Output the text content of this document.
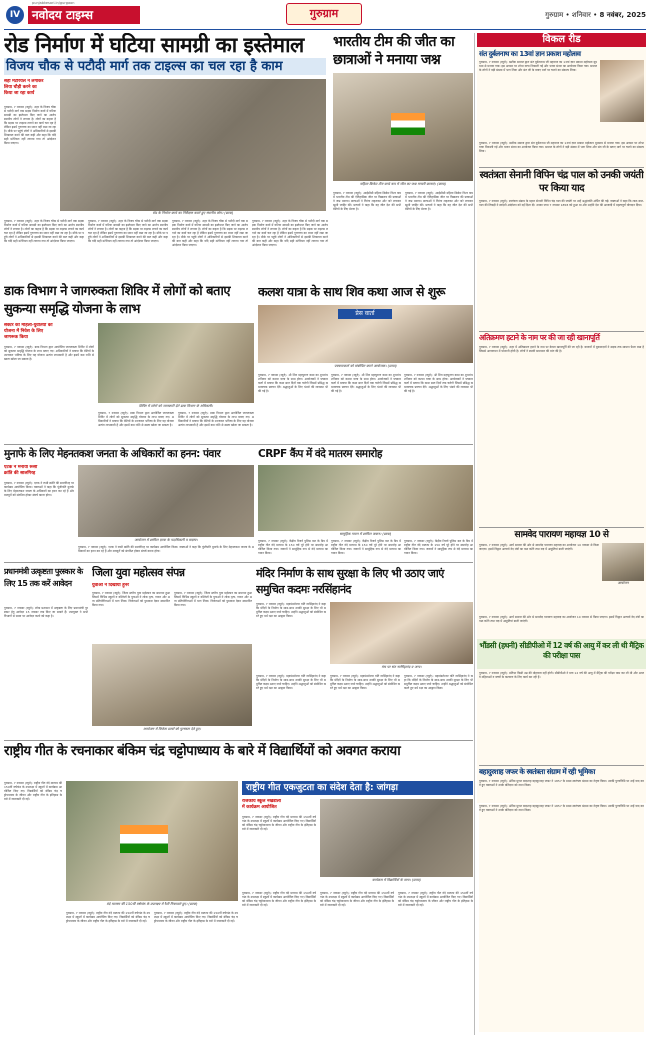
IV नवोदय टाइम्स
punjabkesari.in/gurgaon
गुरुग्राम	गुरुग्राम • शनिवार • 8 नवंबर, 2025
रोड निर्माण में घटिया सामग्री का इस्तेमाल
विजय चौक से पटौदी मार्ग तक टाइल्स का चल रहा है काम
सही मटेरियल न लगाकर
लिया चौड़ी करने का
किया जा रहा कार्य
गुरुग्राम, 7 नवम्बर (ब्यूरो): शहर के विजय चौक से पटौदी मार्ग तक सड़क निर्माण कार्य में घटिया सामग्री का इस्तेमाल किए जाने का आरोप स्थानीय लोगों ने लगाया है। लोगों का कहना है कि सड़क पर टाइल्स लगाने का कार्य चल रहा है लेकिन इसमें गुणवत्ता का ध्यान नहीं रखा जा रहा है। मौके पर पहुंचे लोगों ने अधिकारियों से इसकी शिकायत करने की बात कही और कहा कि यदि सही मटेरियल नहीं लगाया गया तो आंदोलन किया जाएगा।
रोड के निर्माण कार्य का निरीक्षण करते हुए स्थानीय लोग। (छाया)
गुरुग्राम, 7 नवम्बर (ब्यूरो): शहर के विजय चौक से पटौदी मार्ग तक सड़क निर्माण कार्य में घटिया सामग्री का इस्तेमाल किए जाने का आरोप स्थानीय लोगों ने लगाया है। लोगों का कहना है कि सड़क पर टाइल्स लगाने का कार्य चल रहा है लेकिन इसमें गुणवत्ता का ध्यान नहीं रखा जा रहा है। मौके पर पहुंचे लोगों ने अधिकारियों से इसकी शिकायत करने की बात कही और कहा कि यदि सही मटेरियल नहीं लगाया गया तो आंदोलन किया जाएगा।
गुरुग्राम, 7 नवम्बर (ब्यूरो): शहर के विजय चौक से पटौदी मार्ग तक सड़क निर्माण कार्य में घटिया सामग्री का इस्तेमाल किए जाने का आरोप स्थानीय लोगों ने लगाया है। लोगों का कहना है कि सड़क पर टाइल्स लगाने का कार्य चल रहा है लेकिन इसमें गुणवत्ता का ध्यान नहीं रखा जा रहा है। मौके पर पहुंचे लोगों ने अधिकारियों से इसकी शिकायत करने की बात कही और कहा कि यदि सही मटेरियल नहीं लगाया गया तो आंदोलन किया जाएगा।
गुरुग्राम, 7 नवम्बर (ब्यूरो): शहर के विजय चौक से पटौदी मार्ग तक सड़क निर्माण कार्य में घटिया सामग्री का इस्तेमाल किए जाने का आरोप स्थानीय लोगों ने लगाया है। लोगों का कहना है कि सड़क पर टाइल्स लगाने का कार्य चल रहा है लेकिन इसमें गुणवत्ता का ध्यान नहीं रखा जा रहा है। मौके पर पहुंचे लोगों ने अधिकारियों से इसकी शिकायत करने की बात कही और कहा कि यदि सही मटेरियल नहीं लगाया गया तो आंदोलन किया जाएगा।
गुरुग्राम, 7 नवम्बर (ब्यूरो): शहर के विजय चौक से पटौदी मार्ग तक सड़क निर्माण कार्य में घटिया सामग्री का इस्तेमाल किए जाने का आरोप स्थानीय लोगों ने लगाया है। लोगों का कहना है कि सड़क पर टाइल्स लगाने का कार्य चल रहा है लेकिन इसमें गुणवत्ता का ध्यान नहीं रखा जा रहा है। मौके पर पहुंचे लोगों ने अधिकारियों से इसकी शिकायत करने की बात कही और कहा कि यदि सही मटेरियल नहीं लगाया गया तो आंदोलन किया जाएगा।
भारतीय टीम की जीत का छात्राओं ने मनाया जश्न
महिला क्रिकेट टीम वर्ल्ड कप में जीत का जश्न मनाती छात्राएं। (छाया)
गुरुग्राम, 7 नवम्बर (ब्यूरो): आईसीसी महिला क्रिकेट विश्व कप में भारतीय टीम की ऐतिहासिक जीत पर विद्यालय की छात्राओं ने जश्न मनाया। छात्राओं ने तिरंगा लहराकर और नारे लगाकर खुशी जाहिर की। प्राचार्य ने कहा कि यह जीत देश की सभी बेटियों के लिए प्रेरणा है।
गुरुग्राम, 7 नवम्बर (ब्यूरो): आईसीसी महिला क्रिकेट विश्व कप में भारतीय टीम की ऐतिहासिक जीत पर विद्यालय की छात्राओं ने जश्न मनाया। छात्राओं ने तिरंगा लहराकर और नारे लगाकर खुशी जाहिर की। प्राचार्य ने कहा कि यह जीत देश की सभी बेटियों के लिए प्रेरणा है।
विकल रीड
संत दुर्बलनाथ का 13वां ज्ञान प्रकाश महोत्सव
गुरुग्राम, 7 नवम्बर (ब्यूरो): खटीक समाज द्वारा संत दुर्बलनाथ जी महाराज का 13वां ज्ञान प्रकाश महोत्सव धूमधाम से मनाया गया। इस अवसर पर शोभा यात्रा निकाली गई और भजन संध्या का आयोजन किया गया। समाज के लोगों ने बड़ी संख्या में भाग लिया और संत जी के बताए मार्ग पर चलने का संकल्प लिया।
गुरुग्राम, 7 नवम्बर (ब्यूरो): खटीक समाज द्वारा संत दुर्बलनाथ जी महाराज का 13वां ज्ञान प्रकाश महोत्सव धूमधाम से मनाया गया। इस अवसर पर शोभा यात्रा निकाली गई और भजन संध्या का आयोजन किया गया। समाज के लोगों ने बड़ी संख्या में भाग लिया और संत जी के बताए मार्ग पर चलने का संकल्प लिया।
स्वतंत्रता सेनानी विपिन चंद्र पाल को उनकी जयंती पर किया याद
गुरुग्राम, 7 नवम्बर (ब्यूरो): स्वतंत्रता संग्राम के महान सेनानी विपिन चंद्र पाल की जयंती पर उन्हें श्रद्धांजलि अर्पित की गई। वक्ताओं ने कहा कि लाल-बाल-पाल की तिकड़ी ने स्वदेशी आंदोलन को नई दिशा दी। उनका जन्म 7 नवम्बर 1858 को हुआ था और उन्होंने देश की आजादी में महत्वपूर्ण योगदान दिया।
अतिक्रमण हटाने के नाम पर की जा रही खानापूर्ति
गुरुग्राम, 7 नवम्बर (ब्यूरो): शहर में अतिक्रमण हटाने के नाम पर केवल खानापूर्ति की जा रही है। बाजारों में दुकानदारों ने सड़क तक सामान फैला रखा है जिससे आवागमन में परेशानी होती है। लोगों ने स्थायी समाधान की मांग की है।
सामवेद पारायण महायज्ञ 10 से
गुरुग्राम, 7 नवम्बर (ब्यूरो): आर्य समाज की ओर से सामवेद पारायण महायज्ञ का आयोजन 10 नवम्बर से किया जाएगा। इसमें विद्वान आचार्य वेद मंत्रों का पाठ करेंगे तथा यज्ञ में आहुतियां डाली जाएंगी।
आयोजन
गुरुग्राम, 7 नवम्बर (ब्यूरो): आर्य समाज की ओर से सामवेद पारायण महायज्ञ का आयोजन 10 नवम्बर से किया जाएगा। इसमें विद्वान आचार्य वेद मंत्रों का पाठ करेंगे तथा यज्ञ में आहुतियां डाली जाएंगी।
भौंडसी (हथनी) सीडीपीओ में 12 वर्ष की आयु में कर ली थी मैट्रिक की परीक्षा पास
गुरुग्राम, 7 नवम्बर (ब्यूरो): प्रतिभा किसी उम्र की मोहताज नहीं होती। सीडीपीओ ने मात्र 12 वर्ष की आयु में मैट्रिक की परीक्षा पास कर ली थी और आज वे महिलाओं व बच्चों के कल्याण के लिए कार्य कर रही हैं।
बहादुरशाह जफर के स्वतंत्रता संग्राम में रही भूमिका
गुरुग्राम, 7 नवम्बर (ब्यूरो): अंतिम मुगल बादशाह बहादुरशाह जफर ने 1857 के प्रथम स्वतंत्रता संग्राम का नेतृत्व किया। उनकी पुण्यतिथि पर उन्हें याद करते हुए वक्ताओं ने उनके बलिदान को नमन किया।
गुरुग्राम, 7 नवम्बर (ब्यूरो): अंतिम मुगल बादशाह बहादुरशाह जफर ने 1857 के प्रथम स्वतंत्रता संग्राम का नेतृत्व किया। उनकी पुण्यतिथि पर उन्हें याद करते हुए वक्ताओं ने उनके बलिदान को नमन किया।
डाक विभाग ने जागरुकता शिविर में लोगों को बताए सुकन्या समृद्धि योजना के लाभ
सेक्टर की महिला-युवतियों को
योजना में निवेश के लिए
जागरूक किया
गुरुग्राम, 7 नवम्बर (ब्यूरो): डाक विभाग द्वारा आयोजित जागरुकता शिविर में लोगों को सुकन्या समृद्धि योजना के लाभ बताए गए। अधिकारियों ने बताया कि बेटियों के उज्जवल भविष्य के लिए यह योजना अत्यंत लाभकारी है और इसमें कम राशि से खाता खोला जा सकता है।
शिविर में लोगों को जानकारी देते डाक विभाग के अधिकारी।
गुरुग्राम, 7 नवम्बर (ब्यूरो): डाक विभाग द्वारा आयोजित जागरुकता शिविर में लोगों को सुकन्या समृद्धि योजना के लाभ बताए गए। अधिकारियों ने बताया कि बेटियों के उज्जवल भविष्य के लिए यह योजना अत्यंत लाभकारी है और इसमें कम राशि से खाता खोला जा सकता है।
गुरुग्राम, 7 नवम्बर (ब्यूरो): डाक विभाग द्वारा आयोजित जागरुकता शिविर में लोगों को सुकन्या समृद्धि योजना के लाभ बताए गए। अधिकारियों ने बताया कि बेटियों के उज्जवल भविष्य के लिए यह योजना अत्यंत लाभकारी है और इसमें कम राशि से खाता खोला जा सकता है।
कलश यात्रा के साथ शिव कथा आज से शुरू
प्रेस वार्ता
पत्रकारवार्ता को संबोधित करते आयोजक। (छाया)
गुरुग्राम, 7 नवम्बर (ब्यूरो): श्री शिव महापुराण कथा का शुभारंभ शनिवार को कलश यात्रा के साथ होगा। आयोजकों ने पत्रकार वार्ता में बताया कि कथा सात दिनों तक चलेगी जिसमें प्रसिद्ध कथावाचक प्रवचन देंगे। श्रद्धालुओं के लिए भंडारे की व्यवस्था भी की गई है।
गुरुग्राम, 7 नवम्बर (ब्यूरो): श्री शिव महापुराण कथा का शुभारंभ शनिवार को कलश यात्रा के साथ होगा। आयोजकों ने पत्रकार वार्ता में बताया कि कथा सात दिनों तक चलेगी जिसमें प्रसिद्ध कथावाचक प्रवचन देंगे। श्रद्धालुओं के लिए भंडारे की व्यवस्था भी की गई है।
गुरुग्राम, 7 नवम्बर (ब्यूरो): श्री शिव महापुराण कथा का शुभारंभ शनिवार को कलश यात्रा के साथ होगा। आयोजकों ने पत्रकार वार्ता में बताया कि कथा सात दिनों तक चलेगी जिसमें प्रसिद्ध कथावाचक प्रवचन देंगे। श्रद्धालुओं के लिए भंडारे की व्यवस्था भी की गई है।
मुनाफे के लिए मेहनतकश जनता के अधिकारों का हनन: पंवार
एटक ने मनाया रूसी
क्रांति की सालगिरह
गुरुग्राम, 7 नवम्बर (ब्यूरो): एटक ने रूसी क्रांति की सालगिरह पर कार्यक्रम आयोजित किया। वक्ताओं ने कहा कि पूंजीपति मुनाफे के लिए मेहनतकश जनता के अधिकारों का हनन कर रहे हैं और मजदूरों को संगठित होकर संघर्ष करना होगा।
आयोजन में शामिल एटक के पदाधिकारी व सदस्य।
गुरुग्राम, 7 नवम्बर (ब्यूरो): एटक ने रूसी क्रांति की सालगिरह पर कार्यक्रम आयोजित किया। वक्ताओं ने कहा कि पूंजीपति मुनाफे के लिए मेहनतकश जनता के अधिकारों का हनन कर रहे हैं और मजदूरों को संगठित होकर संघर्ष करना होगा।
CRPF कैंप में वंदे मातरम समारोह
सामूहिक गायन में शामिल जवान। (छाया)
गुरुग्राम, 7 नवम्बर (ब्यूरो): केंद्रीय रिजर्व पुलिस बल के कैंप में राष्ट्रीय गीत वंदे मातरम के 150 वर्ष पूरे होने पर समारोह आयोजित किया गया। जवानों ने सामूहिक रूप से वंदे मातरम का गायन किया।
गुरुग्राम, 7 नवम्बर (ब्यूरो): केंद्रीय रिजर्व पुलिस बल के कैंप में राष्ट्रीय गीत वंदे मातरम के 150 वर्ष पूरे होने पर समारोह आयोजित किया गया। जवानों ने सामूहिक रूप से वंदे मातरम का गायन किया।
गुरुग्राम, 7 नवम्बर (ब्यूरो): केंद्रीय रिजर्व पुलिस बल के कैंप में राष्ट्रीय गीत वंदे मातरम के 150 वर्ष पूरे होने पर समारोह आयोजित किया गया। जवानों ने सामूहिक रूप से वंदे मातरम का गायन किया।
प्रधानमंत्री उत्कृष्टता पुरस्कार के लिए 15 तक करें आवेदन
गुरुग्राम, 7 नवम्बर (ब्यूरो): लोक प्रशासन में उत्कृष्टता के लिए प्रधानमंत्री पुरस्कार हेतु आवेदन 15 नवम्बर तक किए जा सकते हैं। उपायुक्त ने सभी विभागों से समय पर आवेदन करने को कहा है।
जिला युवा महोत्सव संपन्न
युवाओं ने दिखाया हुनर
गुरुग्राम, 7 नवम्बर (ब्यूरो): जिला स्तरीय युवा महोत्सव का समापन हुआ जिसमें विभिन्न स्कूलों व कॉलेजों के युवाओं ने लोक नृत्य, गायन और अन्य प्रतियोगिताओं में भाग लिया। विजेताओं को पुरस्कार देकर सम्मानित किया गया।
गुरुग्राम, 7 नवम्बर (ब्यूरो): जिला स्तरीय युवा महोत्सव का समापन हुआ जिसमें विभिन्न स्कूलों व कॉलेजों के युवाओं ने लोक नृत्य, गायन और अन्य प्रतियोगिताओं में भाग लिया। विजेताओं को पुरस्कार देकर सम्मानित किया गया।
आयोजन में विजेता छात्रों को पुरस्कार देते हुए।
मंदिर निर्माण के साथ सुरक्षा के लिए भी उठाए जाएं समुचित कदमः नरसिंहानंद
गुरुग्राम, 7 नवम्बर (ब्यूरो): महामंडलेश्वर यति नरसिंहानंद ने कहा कि मंदिरों के निर्माण के साथ-साथ उनकी सुरक्षा के लिए भी समुचित कदम उठाए जाने चाहिए। उन्होंने श्रद्धालुओं को संबोधित करते हुए धर्म रक्षा का आह्वान किया।
मंच पर संत नरसिंहानंद व अन्य।
गुरुग्राम, 7 नवम्बर (ब्यूरो): महामंडलेश्वर यति नरसिंहानंद ने कहा कि मंदिरों के निर्माण के साथ-साथ उनकी सुरक्षा के लिए भी समुचित कदम उठाए जाने चाहिए। उन्होंने श्रद्धालुओं को संबोधित करते हुए धर्म रक्षा का आह्वान किया।
गुरुग्राम, 7 नवम्बर (ब्यूरो): महामंडलेश्वर यति नरसिंहानंद ने कहा कि मंदिरों के निर्माण के साथ-साथ उनकी सुरक्षा के लिए भी समुचित कदम उठाए जाने चाहिए। उन्होंने श्रद्धालुओं को संबोधित करते हुए धर्म रक्षा का आह्वान किया।
गुरुग्राम, 7 नवम्बर (ब्यूरो): महामंडलेश्वर यति नरसिंहानंद ने कहा कि मंदिरों के निर्माण के साथ-साथ उनकी सुरक्षा के लिए भी समुचित कदम उठाए जाने चाहिए। उन्होंने श्रद्धालुओं को संबोधित करते हुए धर्म रक्षा का आह्वान किया।
राष्ट्रीय गीत के रचनाकार बंकिम चंद्र चट्टोपाध्याय के बारे में विद्यार्थियों को अवगत कराया
गुरुग्राम, 7 नवम्बर (ब्यूरो): राष्ट्रीय गीत वंदे मातरम की 150वीं वर्षगांठ के उपलक्ष्य में स्कूलों में कार्यक्रम आयोजित किए गए। विद्यार्थियों को बंकिम चंद्र चट्टोपाध्याय के जीवन और राष्ट्रीय गीत के इतिहास के बारे में जानकारी दी गई।
वंदे मातरम की 150वीं वर्षगांठ के उपलक्ष्य में रैली निकालते हुए। (छाया)
गुरुग्राम, 7 नवम्बर (ब्यूरो): राष्ट्रीय गीत वंदे मातरम की 150वीं वर्षगांठ के उपलक्ष्य में स्कूलों में कार्यक्रम आयोजित किए गए। विद्यार्थियों को बंकिम चंद्र चट्टोपाध्याय के जीवन और राष्ट्रीय गीत के इतिहास के बारे में जानकारी दी गई।
गुरुग्राम, 7 नवम्बर (ब्यूरो): राष्ट्रीय गीत वंदे मातरम की 150वीं वर्षगांठ के उपलक्ष्य में स्कूलों में कार्यक्रम आयोजित किए गए। विद्यार्थियों को बंकिम चंद्र चट्टोपाध्याय के जीवन और राष्ट्रीय गीत के इतिहास के बारे में जानकारी दी गई।
राष्ट्रीय गीत एकजुटता का संदेश देता है: जांगड़ा
राजकीय स्कूल नखडौला
में कार्यक्रम आयोजित
गुरुग्राम, 7 नवम्बर (ब्यूरो): राष्ट्रीय गीत वंदे मातरम की 150वीं वर्षगांठ के उपलक्ष्य में स्कूलों में कार्यक्रम आयोजित किए गए। विद्यार्थियों को बंकिम चंद्र चट्टोपाध्याय के जीवन और राष्ट्रीय गीत के इतिहास के बारे में जानकारी दी गई।
कार्यक्रम में विद्यार्थियों के साथ। (छाया)
गुरुग्राम, 7 नवम्बर (ब्यूरो): राष्ट्रीय गीत वंदे मातरम की 150वीं वर्षगांठ के उपलक्ष्य में स्कूलों में कार्यक्रम आयोजित किए गए। विद्यार्थियों को बंकिम चंद्र चट्टोपाध्याय के जीवन और राष्ट्रीय गीत के इतिहास के बारे में जानकारी दी गई।
गुरुग्राम, 7 नवम्बर (ब्यूरो): राष्ट्रीय गीत वंदे मातरम की 150वीं वर्षगांठ के उपलक्ष्य में स्कूलों में कार्यक्रम आयोजित किए गए। विद्यार्थियों को बंकिम चंद्र चट्टोपाध्याय के जीवन और राष्ट्रीय गीत के इतिहास के बारे में जानकारी दी गई।
गुरुग्राम, 7 नवम्बर (ब्यूरो): राष्ट्रीय गीत वंदे मातरम की 150वीं वर्षगांठ के उपलक्ष्य में स्कूलों में कार्यक्रम आयोजित किए गए। विद्यार्थियों को बंकिम चंद्र चट्टोपाध्याय के जीवन और राष्ट्रीय गीत के इतिहास के बारे में जानकारी दी गई।
